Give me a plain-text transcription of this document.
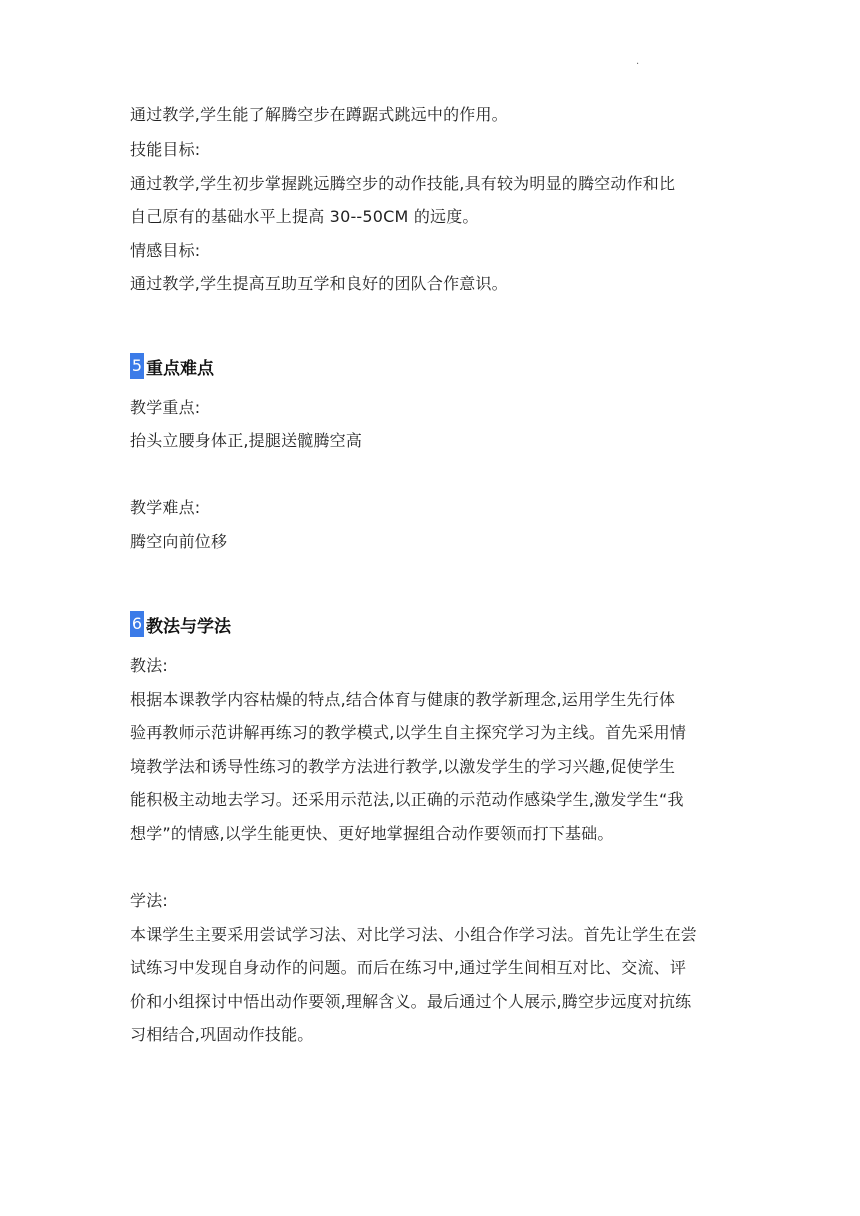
.
通过教学,学生能了解腾空步在蹲踞式跳远中的作用。
技能目标:
通过教学,学生初步掌握跳远腾空步的动作技能,具有较为明显的腾空动作和比
自己原有的基础水平上提高 30--50CM 的远度。
情感目标:
通过教学,学生提高互助互学和良好的团队合作意识。
5 重点难点
教学重点:
抬头立腰身体正,提腿送髋腾空高
教学难点:
腾空向前位移
6 教法与学法
教法:
根据本课教学内容枯燥的特点,结合体育与健康的教学新理念,运用学生先行体
验再教师示范讲解再练习的教学模式,以学生自主探究学习为主线。首先采用情
境教学法和诱导性练习的教学方法进行教学,以激发学生的学习兴趣,促使学生
能积极主动地去学习。还采用示范法,以正确的示范动作感染学生,激发学生“我
想学”的情感,以学生能更快、更好地掌握组合动作要领而打下基础。
学法:
本课学生主要采用尝试学习法、对比学习法、小组合作学习法。首先让学生在尝
试练习中发现自身动作的问题。而后在练习中,通过学生间相互对比、交流、评
价和小组探讨中悟出动作要领,理解含义。最后通过个人展示,腾空步远度对抗练
习相结合,巩固动作技能。
